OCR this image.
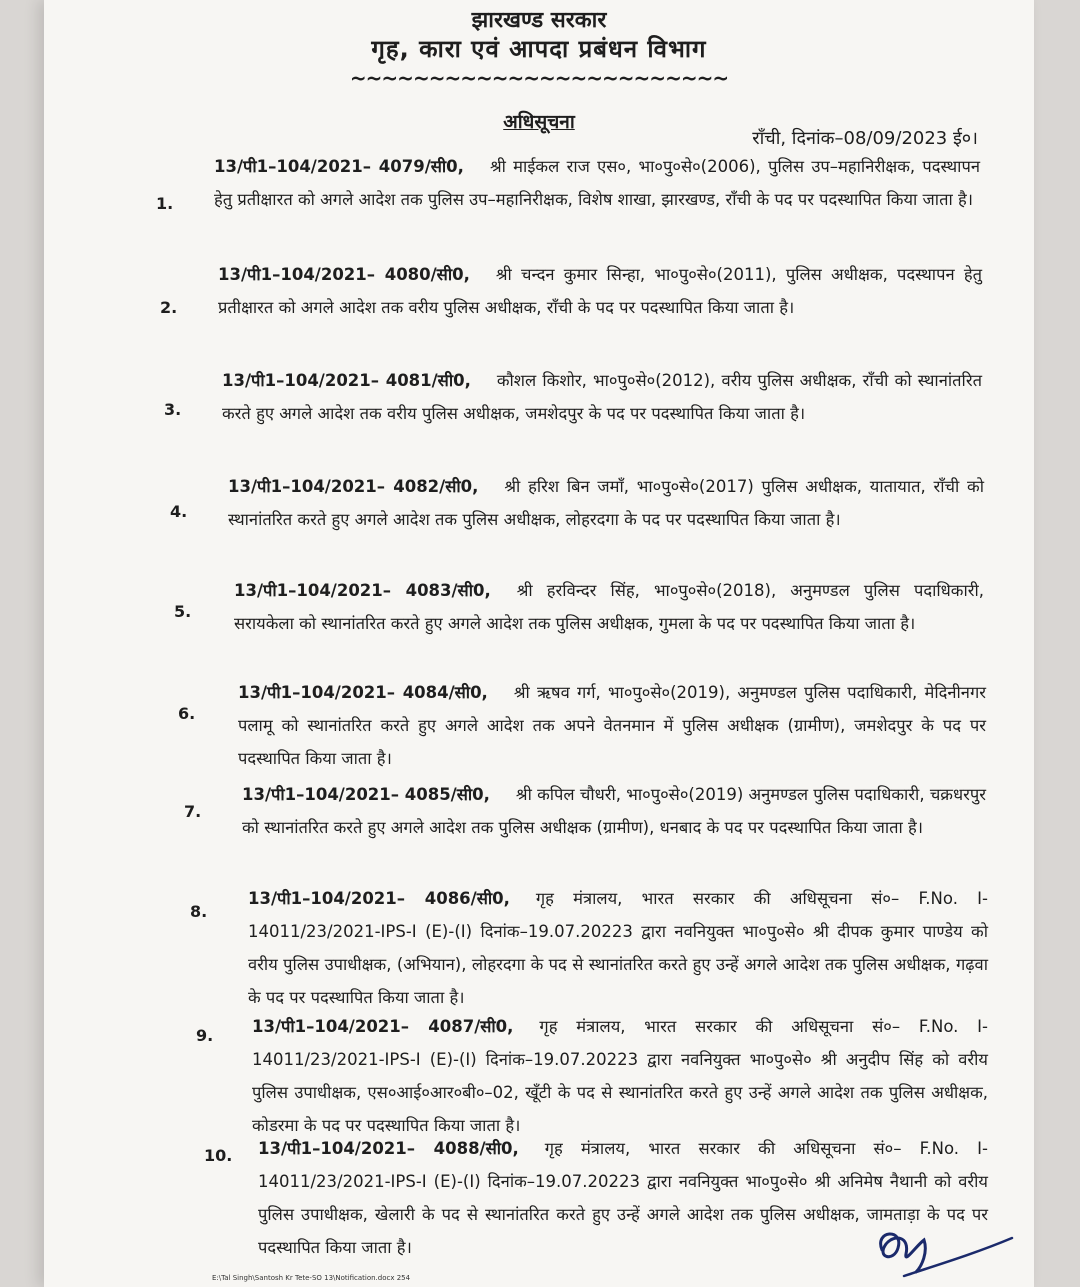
झारखण्ड सरकार
गृह, कारा एवं आपदा प्रबंधन विभाग
~~~~~~~~~~~~~~~~~~~~~~~~
अधिसूचना
राँची, दिनांक–08/09/2023 ई०।
1.
13/पी1–104/2021– 4079/सी0, श्री माईकल राज एस०, भा०पु०से०(2006), पुलिस उप–महानिरीक्षक, पदस्थापन हेतु प्रतीक्षारत को अगले आदेश तक पुलिस उप–महानिरीक्षक, विशेष शाखा, झारखण्ड, राँची के पद पर पदस्थापित किया जाता है।
2.
13/पी1–104/2021– 4080/सी0, श्री चन्दन कुमार सिन्हा, भा०पु०से०(2011), पुलिस अधीक्षक, पदस्थापन हेतु प्रतीक्षारत को अगले आदेश तक वरीय पुलिस अधीक्षक, राँची के पद पर पदस्थापित किया जाता है।
3.
13/पी1–104/2021– 4081/सी0, कौशल किशोर, भा०पु०से०(2012), वरीय पुलिस अधीक्षक, राँची को स्थानांतरित करते हुए अगले आदेश तक वरीय पुलिस अधीक्षक, जमशेदपुर के पद पर पदस्थापित किया जाता है।
4.
13/पी1–104/2021– 4082/सी0, श्री हरिश बिन जमाँ, भा०पु०से०(2017) पुलिस अधीक्षक, यातायात, राँची को स्थानांतरित करते हुए अगले आदेश तक पुलिस अधीक्षक, लोहरदगा के पद पर पदस्थापित किया जाता है।
5.
13/पी1–104/2021– 4083/सी0, श्री हरविन्दर सिंह, भा०पु०से०(2018), अनुमण्डल पुलिस पदाधिकारी, सरायकेला को स्थानांतरित करते हुए अगले आदेश तक पुलिस अधीक्षक, गुमला के पद पर पदस्थापित किया जाता है।
6.
13/पी1–104/2021– 4084/सी0, श्री ऋषव गर्ग, भा०पु०से०(2019), अनुमण्डल पुलिस पदाधिकारी, मेदिनीनगर पलामू को स्थानांतरित करते हुए अगले आदेश तक अपने वेतनमान में पुलिस अधीक्षक (ग्रामीण), जमशेदपुर के पद पर पदस्थापित किया जाता है।
7.
13/पी1–104/2021– 4085/सी0, श्री कपिल चौधरी, भा०पु०से०(2019) अनुमण्डल पुलिस पदाधिकारी, चक्रधरपुर को स्थानांतरित करते हुए अगले आदेश तक पुलिस अधीक्षक (ग्रामीण), धनबाद के पद पर पदस्थापित किया जाता है।
8.
13/पी1–104/2021– 4086/सी0, गृह मंत्रालय, भारत सरकार की अधिसूचना सं०– F.No. I-14011/23/2021-IPS-I (E)-(I) दिनांक–19.07.20223 द्वारा नवनियुक्त भा०पु०से० श्री दीपक कुमार पाण्डेय को वरीय पुलिस उपाधीक्षक, (अभियान), लोहरदगा के पद से स्थानांतरित करते हुए उन्हें अगले आदेश तक पुलिस अधीक्षक, गढ़वा के पद पर पदस्थापित किया जाता है।
9. 13/पी1–104/2021– 4087/सी0, गृह मंत्रालय, भारत सरकार की अधिसूचना सं०– F.No. I-14011/23/2021-IPS-I (E)-(I) दिनांक–19.07.20223 द्वारा नवनियुक्त भा०पु०से० श्री अनुदीप सिंह को वरीय पुलिस उपाधीक्षक, एस०आई०आर०बी०–02, खूँटी के पद से स्थानांतरित करते हुए उन्हें अगले आदेश तक पुलिस अधीक्षक, कोडरमा के पद पर पदस्थापित किया जाता है।
10. 13/पी1–104/2021– 4088/सी0, गृह मंत्रालय, भारत सरकार की अधिसूचना सं०– F.No. I-14011/23/2021-IPS-I (E)-(I) दिनांक–19.07.20223 द्वारा नवनियुक्त भा०पु०से० श्री अनिमेष नैथानी को वरीय पुलिस उपाधीक्षक, खेलारी के पद से स्थानांतरित करते हुए उन्हें अगले आदेश तक पुलिस अधीक्षक, जामताड़ा के पद पर पदस्थापित किया जाता है।
E:\Tal Singh\Santosh Kr Tete-SO 13\Notification.docx 254
